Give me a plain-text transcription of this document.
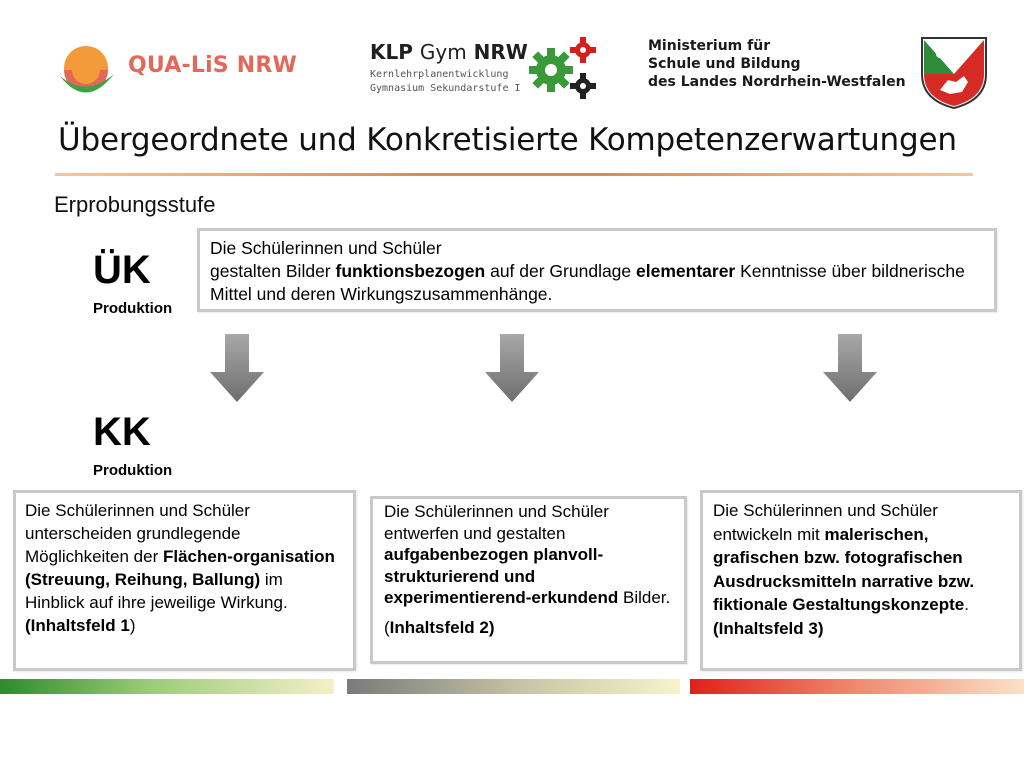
QUA-LiS NRW
KLP Gym NRW
Kernlehrplanentwicklung
Gymnasium Sekundarstufe I
Ministerium für
Schule und Bildung
des Landes Nordrhein-Westfalen
Übergeordnete und Konkretisierte Kompetenzerwartungen
Erprobungsstufe
ÜK
Produktion
KK
Produktion
Die Schülerinnen und Schüler
gestalten Bilder funktionsbezogen auf der Grundlage elementarer Kenntnisse über bildnerische Mittel und deren Wirkungszusammenhänge.
Die Schülerinnen und Schüler unterscheiden grundlegende Möglichkeiten der Flächen-organisation (Streuung, Reihung, Ballung) im Hinblick auf ihre jeweilige Wirkung.
(Inhaltsfeld 1)
Die Schülerinnen und Schüler entwerfen und gestalten aufgabenbezogen planvoll-strukturierend und experimentierend-erkundend Bilder.
(Inhaltsfeld 2)
Die Schülerinnen und Schüler entwickeln mit malerischen, grafischen bzw. fotografischen Ausdrucksmitteln narrative bzw. fiktionale Gestaltungskonzepte.
(Inhaltsfeld 3)
